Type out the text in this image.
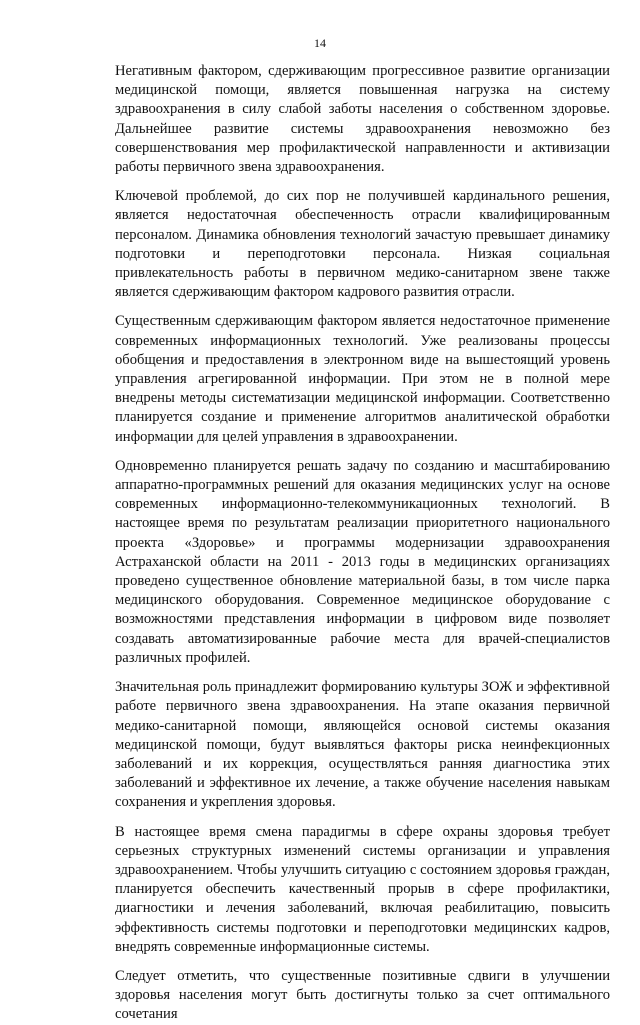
14

Негативным фактором, сдерживающим прогрессивное развитие организации медицинской помощи, является повышенная нагрузка на систему здравоохранения в силу слабой заботы населения о собственном здоровье. Дальнейшее развитие системы здравоохранения невозможно без совершенствования мер профилактической направленности и активизации работы первичного звена здравоохранения.

Ключевой проблемой, до сих пор не получившей кардинального решения, является недостаточная обеспеченность отрасли квалифицированным персоналом. Динамика обновления технологий зачастую превышает динамику подготовки и переподготовки персонала. Низкая социальная привлекательность работы в первичном медико-санитарном звене также является сдерживающим фактором кадрового развития отрасли.

Существенным сдерживающим фактором является недостаточное применение современных информационных технологий. Уже реализованы процессы обобщения и предоставления в электронном виде на вышестоящий уровень управления агрегированной информации. При этом не в полной мере внедрены методы систематизации медицинской информации. Соответственно планируется создание и применение алгоритмов аналитической обработки информации для целей управления в здравоохранении.

Одновременно планируется решать задачу по созданию и масштабированию аппаратно-программных решений для оказания медицинских услуг на основе современных информационно-телекоммуникационных технологий. В настоящее время по результатам реализации приоритетного национального проекта «Здоровье» и программы модернизации здравоохранения Астраханской области на 2011 - 2013 годы в медицинских организациях проведено существенное обновление материальной базы, в том числе парка медицинского оборудования. Современное медицинское оборудование с возможностями представления информации в цифровом виде позволяет создавать автоматизированные рабочие места для врачей-специалистов различных профилей.

Значительная роль принадлежит формированию культуры ЗОЖ и эффективной работе первичного звена здравоохранения. На этапе оказания первичной медико-санитарной помощи, являющейся основой системы оказания медицинской помощи, будут выявляться факторы риска неинфекционных заболеваний и их коррекция, осуществляться ранняя диагностика этих заболеваний и эффективное их лечение, а также обучение населения навыкам сохранения и укрепления здоровья.

В настоящее время смена парадигмы в сфере охраны здоровья требует серьезных структурных изменений системы организации и управления здравоохранением. Чтобы улучшить ситуацию с состоянием здоровья граждан, планируется обеспечить качественный прорыв в сфере профилактики, диагностики и лечения заболеваний, включая реабилитацию, повысить эффективность системы подготовки и переподготовки медицинских кадров, внедрять современные информационные системы.

Следует отметить, что существенные позитивные сдвиги в улучшении здоровья населения могут быть достигнуты только за счет оптимального сочетания
